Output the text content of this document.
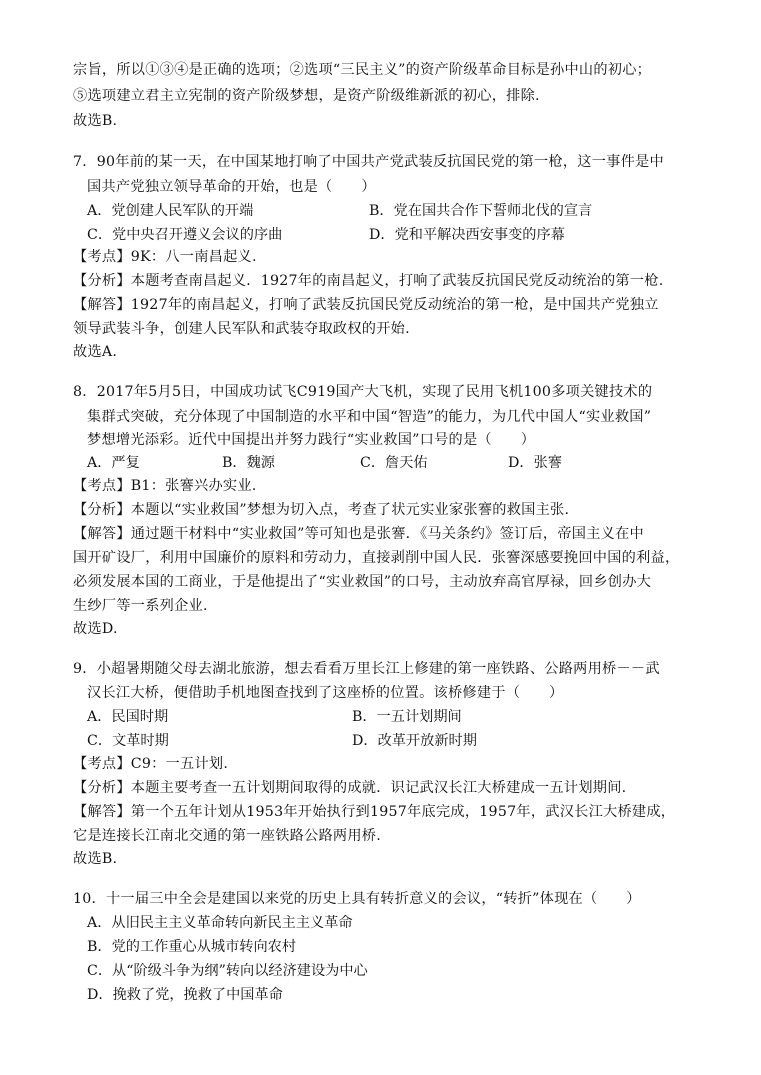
宗旨，所以①③④是正确的选项；②选项“三民主义”的资产阶级革命目标是孙中山的初心；
⑤选项建立君主立宪制的资产阶级梦想，是资产阶级维新派的初心，排除.
故选B.
7．90年前的某一天，在中国某地打响了中国共产党武装反抗国民党的第一枪，这一事件是中
国共产党独立领导革命的开始，也是（　　）
A．党创建人民军队的开端	B．党在国共合作下誓师北伐的宣言
C．党中央召开遵义会议的序曲	D．党和平解决西安事变的序幕
【考点】9K：八一南昌起义.
【分析】本题考查南昌起义．1927年的南昌起义，打响了武装反抗国民党反动统治的第一枪.
【解答】1927年的南昌起义，打响了武装反抗国民党反动统治的第一枪，是中国共产党独立
领导武装斗争，创建人民军队和武装夺取政权的开始.
故选A.
8．2017年5月5日，中国成功试飞C919国产大飞机，实现了民用飞机100多项关键技术的
集群式突破，充分体现了中国制造的水平和中国“智造”的能力，为几代中国人“实业救国”
梦想增光添彩。近代中国提出并努力践行“实业救国”口号的是（　　）
A．严复	B．魏源	C．詹天佑	D．张謇
【考点】B1：张謇兴办实业.
【分析】本题以“实业救国”梦想为切入点，考查了状元实业家张謇的救国主张.
【解答】通过题干材料中“实业救国”等可知也是张謇．《马关条约》签订后，帝国主义在中
国开矿设厂，利用中国廉价的原料和劳动力，直接剥削中国人民．张謇深感要挽回中国的利益，
必须发展本国的工商业，于是他提出了“实业救国”的口号，主动放弃高官厚禄，回乡创办大
生纱厂等一系列企业.
故选D.
9．小超暑期随父母去湖北旅游，想去看看万里长江上修建的第一座铁路、公路两用桥－－武
汉长江大桥，便借助手机地图查找到了这座桥的位置。该桥修建于（　　）
A．民国时期	B．一五计划期间
C．文革时期	D．改革开放新时期
【考点】C9：一五计划.
【分析】本题主要考查一五计划期间取得的成就．识记武汉长江大桥建成一五计划期间.
【解答】第一个五年计划从1953年开始执行到1957年底完成，1957年，武汉长江大桥建成，
它是连接长江南北交通的第一座铁路公路两用桥.
故选B.
10．十一届三中全会是建国以来党的历史上具有转折意义的会议，“转折”体现在（　　）
A．从旧民主主义革命转向新民主主义革命
B．党的工作重心从城市转向农村
C．从“阶级斗争为纲”转向以经济建设为中心
D．挽救了党，挽救了中国革命
